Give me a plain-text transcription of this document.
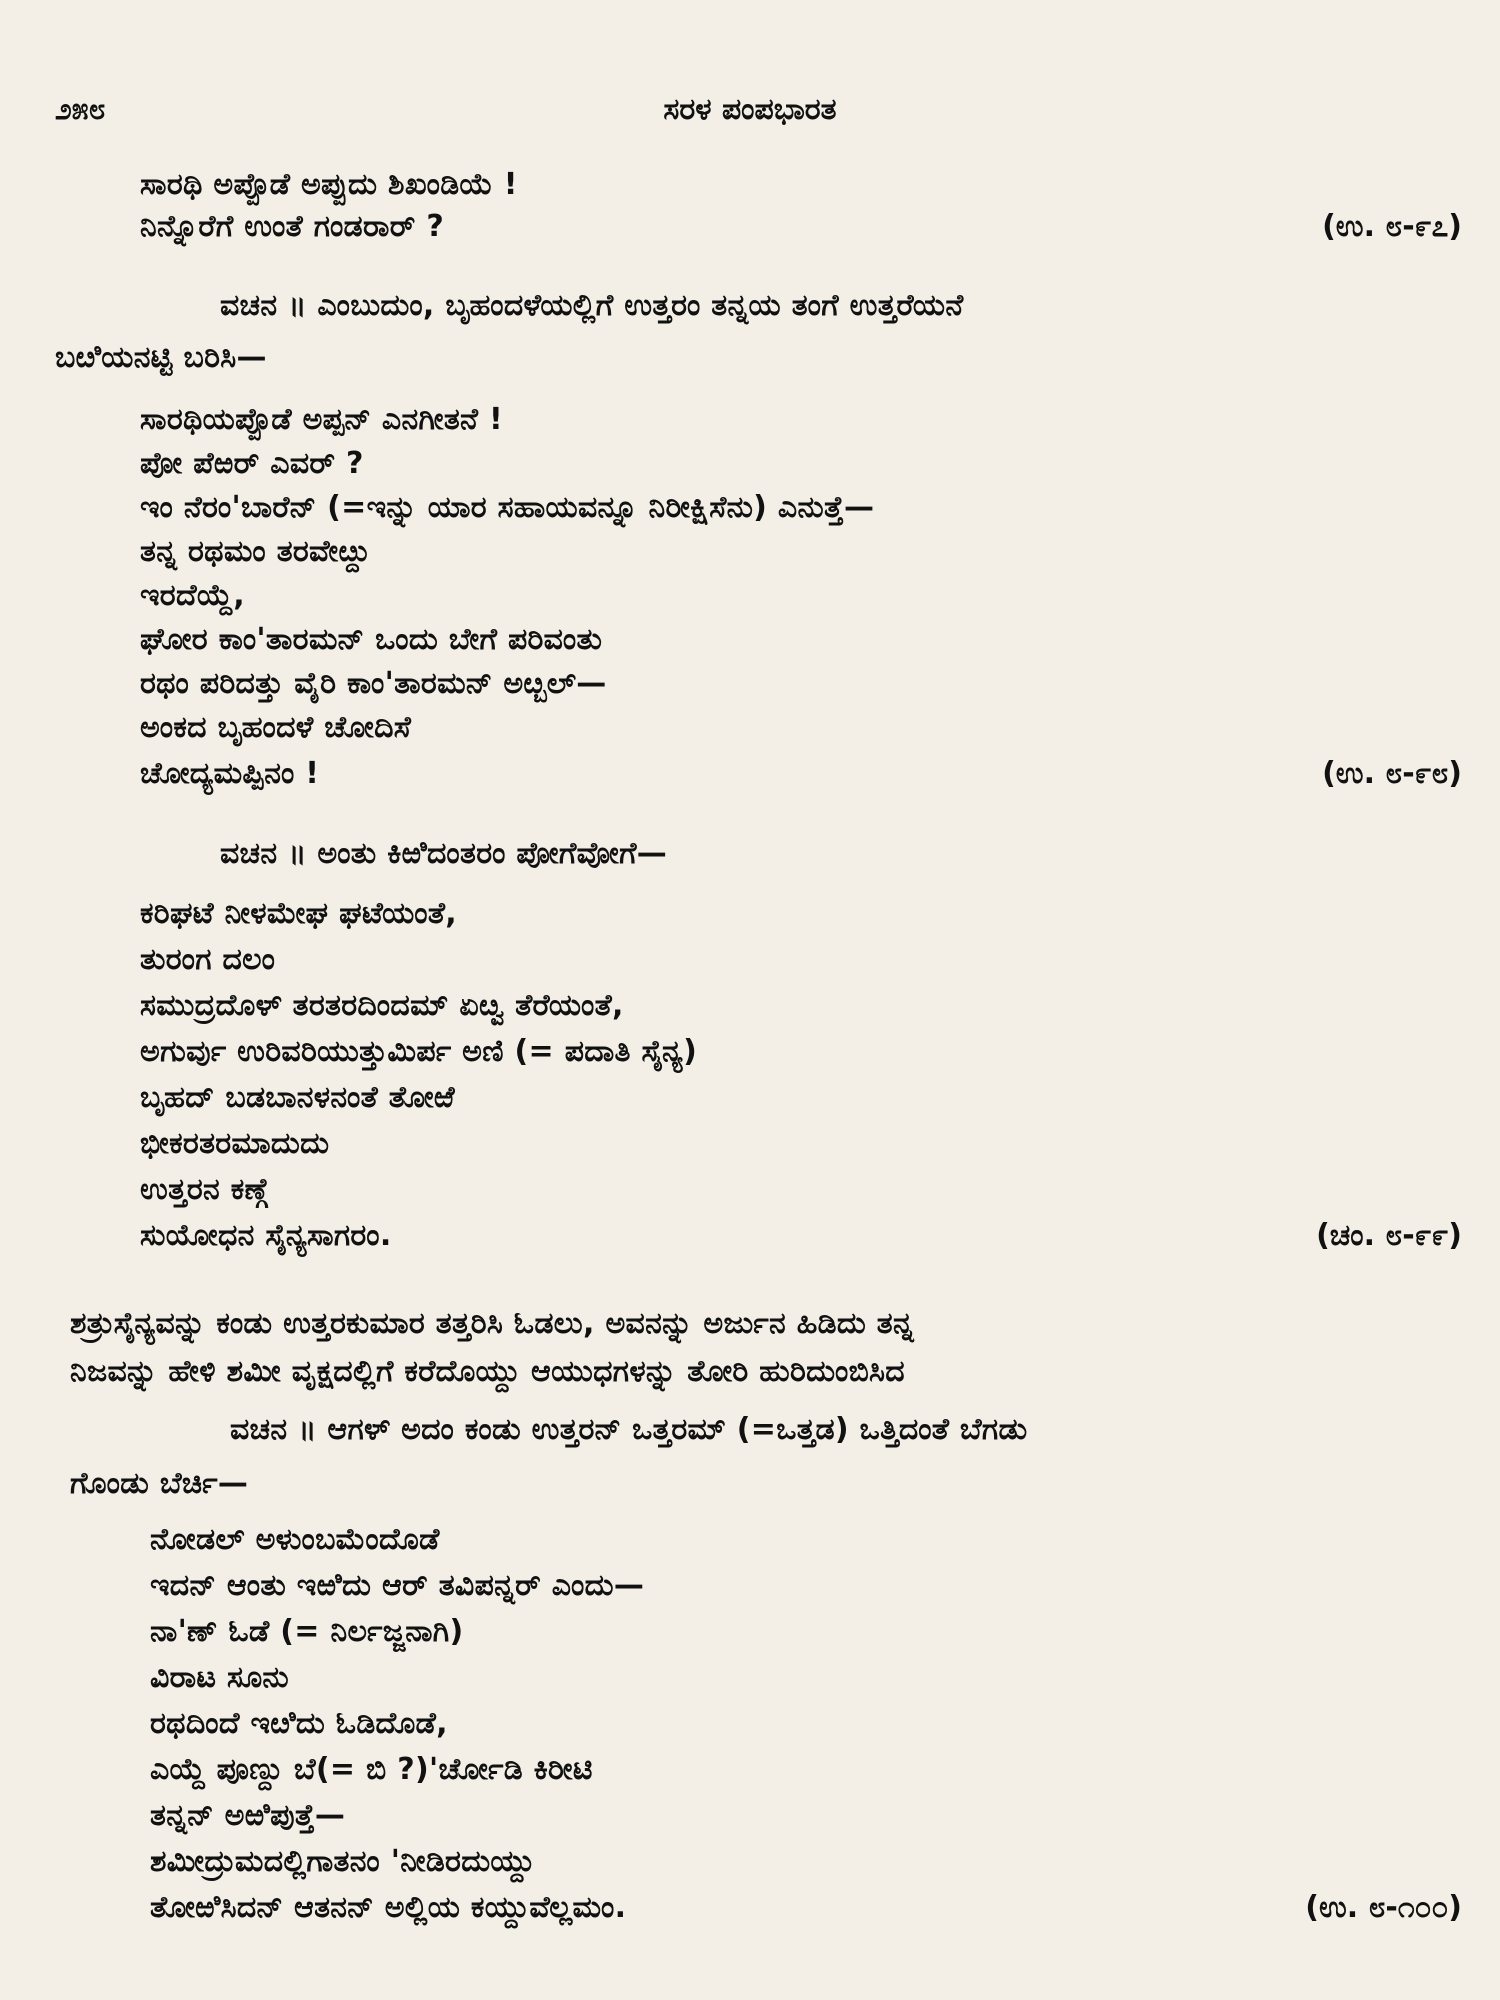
೨೫೮	ಸರಳ ಪಂಪಭಾರತ
ಸಾರಥಿ ಅಪ್ಪೊಡೆ ಅಪ್ಪುದು ಶಿಖಂಡಿಯೆ !
ನಿನ್ನೊರೆಗೆ ಉಂತೆ ಗಂಡರಾರ್ ?	(ಉ. ೮-೯೭)
ವಚನ ॥ ಎಂಬುದುಂ, ಬೃಹಂದಳೆಯಲ್ಲಿಗೆ ಉತ್ತರಂ ತನ್ನಯ ತಂಗೆ ಉತ್ತರೆಯನೆ
ಬೞಿಯನಟ್ಟಿ ಬರಿಸಿ—
ಸಾರಥಿಯಪ್ಪೊಡೆ ಅಪ್ಪನ್ ಎನಗೀತನೆ !
ಪೋ ಪೆಱರ್ ಎವರ್ ?
ಇಂ ನೆರಂ'ಬಾರೆನ್ (=ಇನ್ನು ಯಾರ ಸಹಾಯವನ್ನೂ ನಿರೀಕ್ಷಿಸೆನು) ಎನುತ್ತೆ—
ತನ್ನ ರಥಮಂ ತರವೇೞ್ದು
ಇರದೆಯ್ದೆ,
ಘೋರ ಕಾಂ'ತಾರಮನ್ ಒಂದು ಬೇಗೆ ಪರಿವಂತು
ರಥಂ ಪರಿದತ್ತು ವೈರಿ ಕಾಂ'ತಾರಮನ್ ಅೞ್ಬಲ್—
ಅಂಕದ ಬೃಹಂದಳೆ ಚೋದಿಸೆ
ಚೋದ್ಯಮಪ್ಪಿನಂ !	(ಉ. ೮-೯೮)
ವಚನ ॥ ಅಂತು ಕಿಱಿದಂತರಂ ಪೋಗೆವೋಗೆ—
ಕರಿಘಟೆ ನೀಳಮೇಘ ಘಟೆಯಂತೆ,
ತುರಂಗ ದಲಂ
ಸಮುದ್ರದೊಳ್ ತರತರದಿಂದಮ್ ಏೞ್ವ ತೆರೆಯಂತೆ,
ಅಗುರ್ವು ಉರಿವರಿಯುತ್ತುಮಿರ್ಪ ಅಣಿ (= ಪದಾತಿ ಸೈನ್ಯ)
ಬೃಹದ್ ಬಡಬಾನಳನಂತೆ ತೋಱೆ
ಭೀಕರತರಮಾದುದು
ಉತ್ತರನ ಕಣ್ಗೆ
ಸುಯೋಧನ ಸೈನ್ಯಸಾಗರಂ.	(ಚಂ. ೮-೯೯)
ಶತ್ರುಸೈನ್ಯವನ್ನು ಕಂಡು ಉತ್ತರಕುಮಾರ ತತ್ತರಿಸಿ ಓಡಲು, ಅವನನ್ನು ಅರ್ಜುನ ಹಿಡಿದು ತನ್ನ
ನಿಜವನ್ನು ಹೇಳಿ ಶಮೀ ವೃಕ್ಷದಲ್ಲಿಗೆ ಕರೆದೊಯ್ದು ಆಯುಧಗಳನ್ನು ತೋರಿ ಹುರಿದುಂಬಿಸಿದ
ವಚನ ॥ ಆಗಳ್ ಅದಂ ಕಂಡು ಉತ್ತರನ್ ಒತ್ತರಮ್ (=ಒತ್ತಡ) ಒತ್ತಿದಂತೆ ಬೆಗಡು
ಗೊಂಡು ಬೆರ್ಚಿ—
ನೋಡಲ್ ಅಳುಂಬಮೆಂದೊಡೆ
ಇದನ್ ಆಂತು ಇಱಿದು ಆರ್ ತವಿಪನ್ನರ್ ಎಂದು—
ನಾ'ಣ್ ಓಡೆ (= ನಿರ್ಲಜ್ಜನಾಗಿ)
ವಿರಾಟ ಸೂನು
ರಥದಿಂದೆ ಇೞಿದು ಓಡಿದೊಡೆ,
ಎಯ್ದೆ ಪೂಣ್ದು ಬೆ(= ಬಿ ?)'ರ್ಚೋಡಿ ಕಿರೀಟಿ
ತನ್ನನ್ ಅಱಿಪುತ್ತೆ—
ಶಮೀದ್ರುಮದಲ್ಲಿಗಾತನಂ 'ನೀಡಿರದುಯ್ದು
ತೋಱಿಸಿದನ್ ಆತನನ್ ಅಲ್ಲಿಯ ಕಯ್ದುವೆಲ್ಲಮಂ.	(ಉ. ೮-೧೦೦)
